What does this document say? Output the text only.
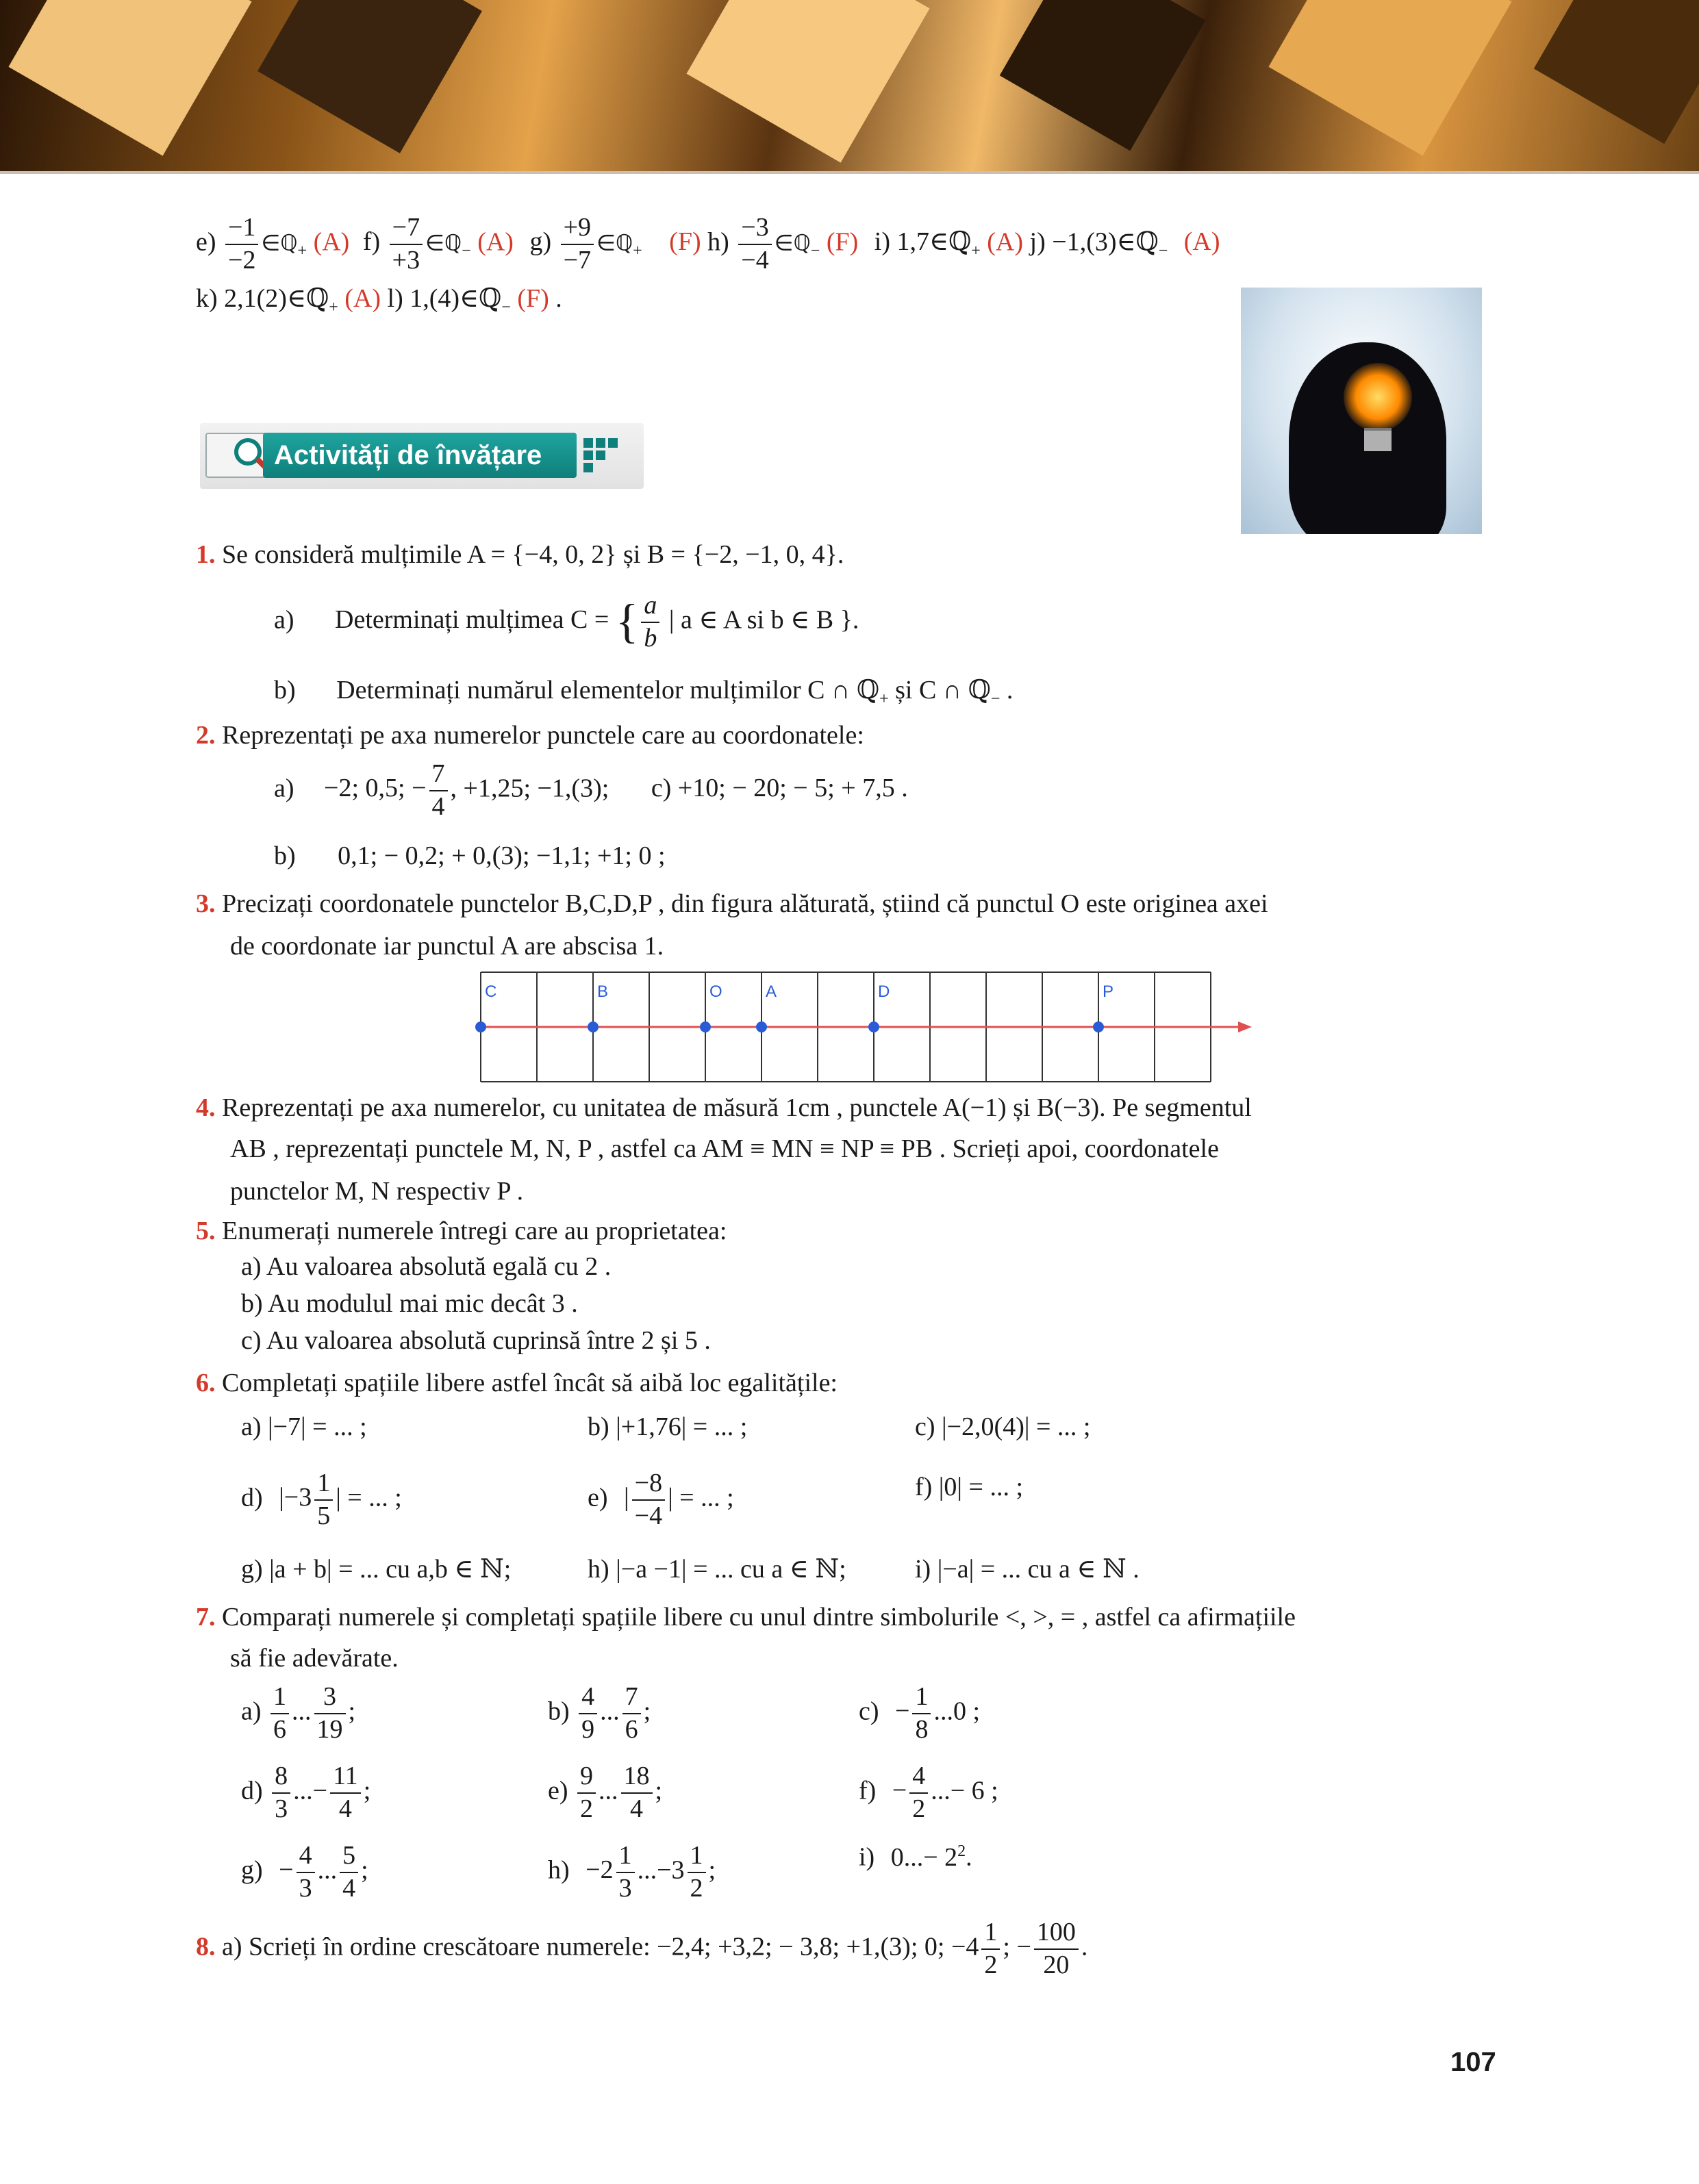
$e) \frac{-1}{-2}$ ∈ℚ$_+$ (A) $f) \frac{-7}{+3}$ ∈ℚ$_-$ (A) $g) \frac{+9}{-7}$ ∈ℚ$_+$ (F) $h) \frac{-3}{-4}$ ∈ℚ$_-$ (F) i) 1,7∈ℚ$_+$ (A) j) −1,(3)∈ℚ$_-$ (A)
k) 2,1(2)∈ℚ$_+$ (A) l) 1,(4)∈ℚ$_-$ (F) .
Activități de învățare
1. Se consideră mulțimile A = {−4, 0, 2} și B = {−2, −1, 0, 4}.
a) Determinați mulțimea C = { $\frac{a}{b}$ | a ∈ A si b ∈ B }.
b) Determinați numărul elementelor mulțimilor C ∩ ℚ$_+$ și C ∩ ℚ$_-$ .
2. Reprezentați pe axa numerelor punctele care au coordonatele:
a) −2; 0,5; − $\frac{7}{4}$ , +1,25; −1,(3); c) +10; − 20; − 5; + 7,5 .
b) 0,1; − 0,2; + 0,(3); −1,1; +1; 0 ;
3. Precizați coordonatele punctelor B,C,D,P , din figura alăturată, știind că punctul O este originea axei
de coordonate iar punctul A are abscisa 1.
C	B	O	A	D	P
4. Reprezentați pe axa numerelor, cu unitatea de măsură 1cm , punctele A(−1) și B(−3). Pe segmentul
AB , reprezentați punctele M, N, P , astfel ca AM ≡ MN ≡ NP ≡ PB . Scrieți apoi, coordonatele
punctelor M, N respectiv P .
5. Enumerați numerele întregi care au proprietatea:
a) Au valoarea absolută egală cu 2 .
b) Au modulul mai mic decât 3 .
c) Au valoarea absolută cuprinsă între 2 și 5 .
6. Completați spațiile libere astfel încât să aibă loc egalitățile:
a) |−7| = ... ;	b) |+1,76| = ... ;	c) |−2,0(4)| = ... ;
d) $|-3 \frac{1}{5}$ | = ... ;	e) | $\frac{-8}{-4}$ | = ... ;	f) |0| = ... ;
g) |a + b| = ... cu a,b ∈ ℕ;	h) |−a −1| = ... cu a ∈ ℕ;	i) |−a| = ... cu a ∈ ℕ .
7. Comparați numerele și completați spațiile libere cu unul dintre simbolurile <, >, = , astfel ca afirmațiile
să fie adevărate.
$a) \frac{1}{6}$ ... $\frac{3}{19}$ ;	$b) \frac{4}{9}$ ... $\frac{7}{6}$ ;	$c) - \frac{1}{8} ...0$ ;
$d) \frac{8}{3}$ ...− $\frac{11}{4}$ ;	$e) \frac{9}{2}$ ... $\frac{18}{4}$ ;	$f) - \frac{4}{2}$ ...− 6 ;
$g) - \frac{4}{3}$ ... $\frac{5}{4}$ ;	$h) -2 \frac{1}{3} ...-3 \frac{1}{2}$ ;	i) $0...- 2^2$.
8. a) Scrieți în ordine crescătoare numerele: −2,4; +3,2; − 3,8; +1,(3); 0; $-4 \frac{1}{2}$ ; − $\frac{100}{20}$ .
107
